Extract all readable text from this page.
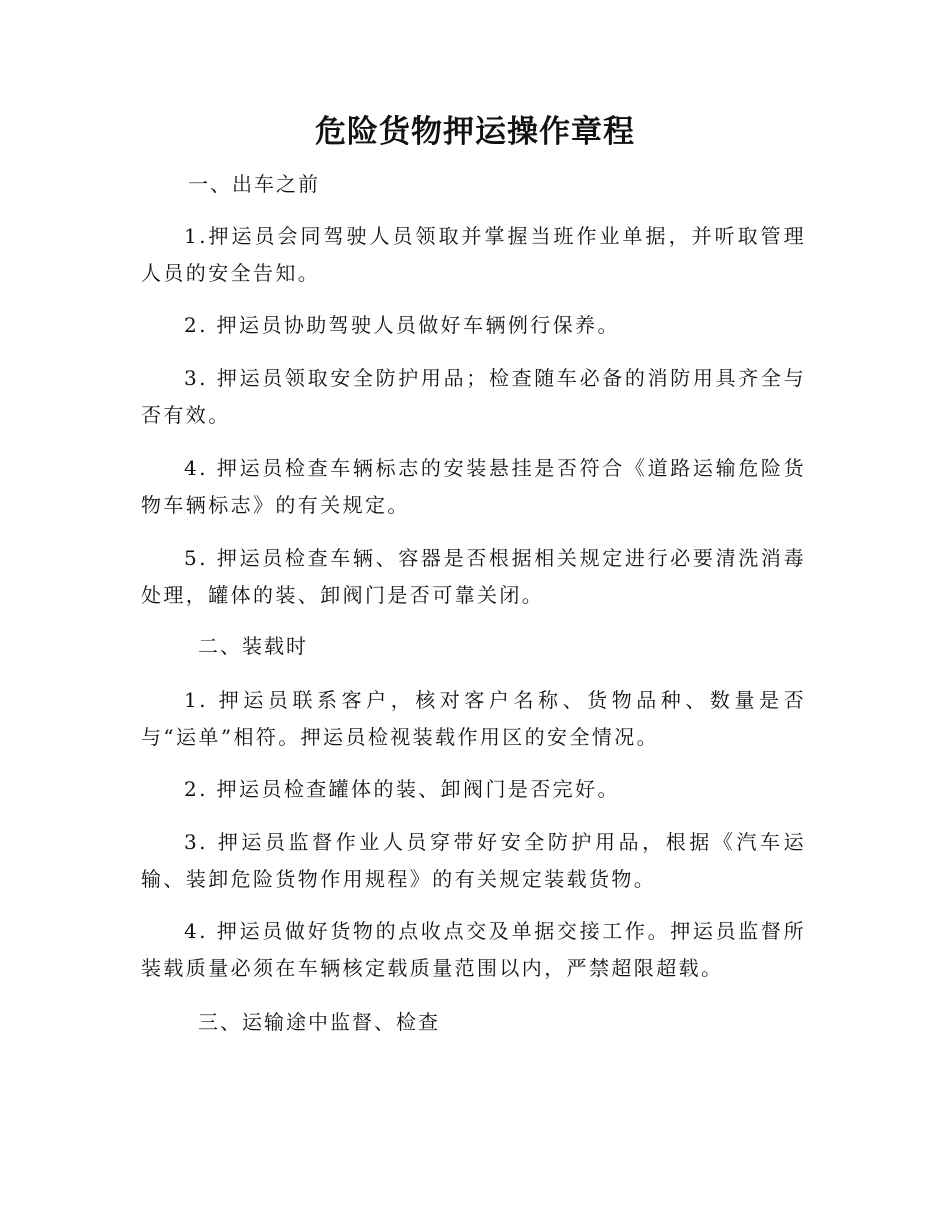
危险货物押运操作章程
一、出车之前

1.押运员会同驾驶人员领取并掌握当班作业单据，并听取管理人员的安全告知。

2. 押运员协助驾驶人员做好车辆例行保养。

3. 押运员领取安全防护用品；检查随车必备的消防用具齐全与否有效。

4. 押运员检查车辆标志的安装悬挂是否符合《道路运输危险货物车辆标志》的有关规定。

5. 押运员检查车辆、容器是否根据相关规定进行必要清洗消毒处理，罐体的装、卸阀门是否可靠关闭。

二、装载时

1. 押运员联系客户，核对客户名称、货物品种、数量是否与“运单”相符。押运员检视装载作用区的安全情况。

2. 押运员检查罐体的装、卸阀门是否完好。

3. 押运员监督作业人员穿带好安全防护用品，根据《汽车运输、装卸危险货物作用规程》的有关规定装载货物。

4. 押运员做好货物的点收点交及单据交接工作。押运员监督所装载质量必须在车辆核定载质量范围以内，严禁超限超载。

三、运输途中监督、检查
